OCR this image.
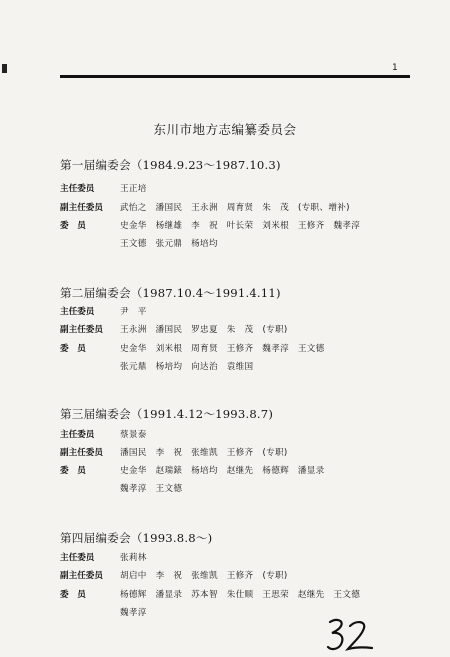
1
东川市地方志编纂委员会
第一届编委会（1984.9.23～1987.10.3)
主任委员	王正培
副主任委员	武怡之　潘国民　王永洲　周育贤　朱　茂 (专职、增补)
委　员	史金华　杨继雄　李　祝　叶长荣　刘米根　王修齐　魏孝淳
王文德　张元鼎　杨培均
第二届编委会（1987.10.4～1991.4.11)
主任委员	尹　平
副主任委员	王永洲　潘国民　罗忠夏　朱　茂 (专职)
委　员	史金华　刘米根　周育贤　王修齐　魏孝淳　王文德
张元鼎　杨培均　向达治　袁维国
第三届编委会（1991.4.12～1993.8.7)
主任委员	蔡景泰
副主任委员	潘国民　李　祝　张维凯　王修齐 (专职)
委　员	史金华　赵瑞錶　杨培均　赵继先　杨德辉　潘显录
魏孝淳　王文德
第四届编委会（1993.8.8～)
主任委员	张莉林
副主任委员	胡启中　李　祝　张维凯　王修齐 (专职)
委　员	杨德辉　潘显录　苏本智　朱仕顺　王思荣　赵继先　王文德
魏孝淳
